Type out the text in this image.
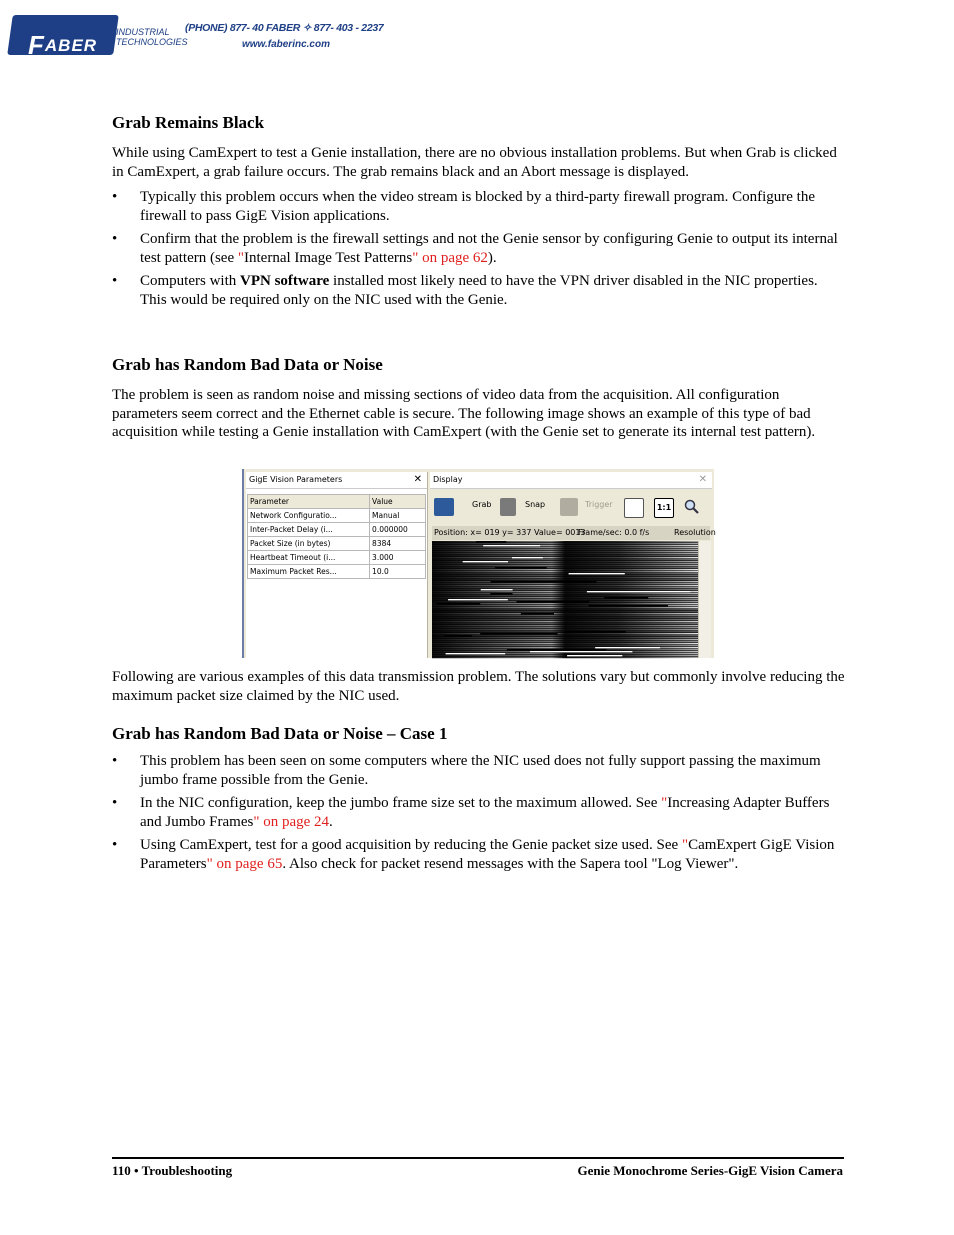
FABER
INDUSTRIAL
TECHNOLOGIES
(PHONE) 877- 40 FABER ✧ 877- 403 - 2237
www.faberinc.com
Grab Remains Black
While using CamExpert to test a Genie installation, there are no obvious installation problems. But when Grab is clicked in CamExpert, a grab failure occurs. The grab remains black and an Abort message is displayed.
• Typically this problem occurs when the video stream is blocked by a third-party firewall program. Configure the firewall to pass GigE Vision applications.
• Confirm that the problem is the firewall settings and not the Genie sensor by configuring Genie to output its internal test pattern (see "Internal Image Test Patterns" on page 62).
• Computers with VPN software installed most likely need to have the VPN driver disabled in the NIC properties. This would be required only on the NIC used with the Genie.
Grab has Random Bad Data or Noise
The problem is seen as random noise and missing sections of video data from the acquisition. All configuration parameters seem correct and the Ethernet cable is secure. The following image shows an example of this type of bad acquisition while testing a Genie installation with CamExpert (with the Genie set to generate its internal test pattern).
GigE Vision Parameters	✕
Parameter	Value
Network Configuratio...	Manual
Inter-Packet Delay (i...	0.000000
Packet Size (in bytes)	8384
Heartbeat Timeout (i...	3.000
Maximum Packet Res...	10.0
Display	✕
Grab	Snap	Trigger	1:1
Position: x= 019 y= 337 Value= 0013
Frame/sec: 0.0 f/s	Resolution
Following are various examples of this data transmission problem. The solutions vary but commonly involve reducing the maximum packet size claimed by the NIC used.
Grab has Random Bad Data or Noise – Case 1
• This problem has been seen on some computers where the NIC used does not fully support passing the maximum jumbo frame possible from the Genie.
• In the NIC configuration, keep the jumbo frame size set to the maximum allowed. See "Increasing Adapter Buffers and Jumbo Frames" on page 24.
• Using CamExpert, test for a good acquisition by reducing the Genie packet size used. See "CamExpert GigE Vision Parameters" on page 65. Also check for packet resend messages with the Sapera tool "Log Viewer".
110 • Troubleshooting	Genie Monochrome Series-GigE Vision Camera
